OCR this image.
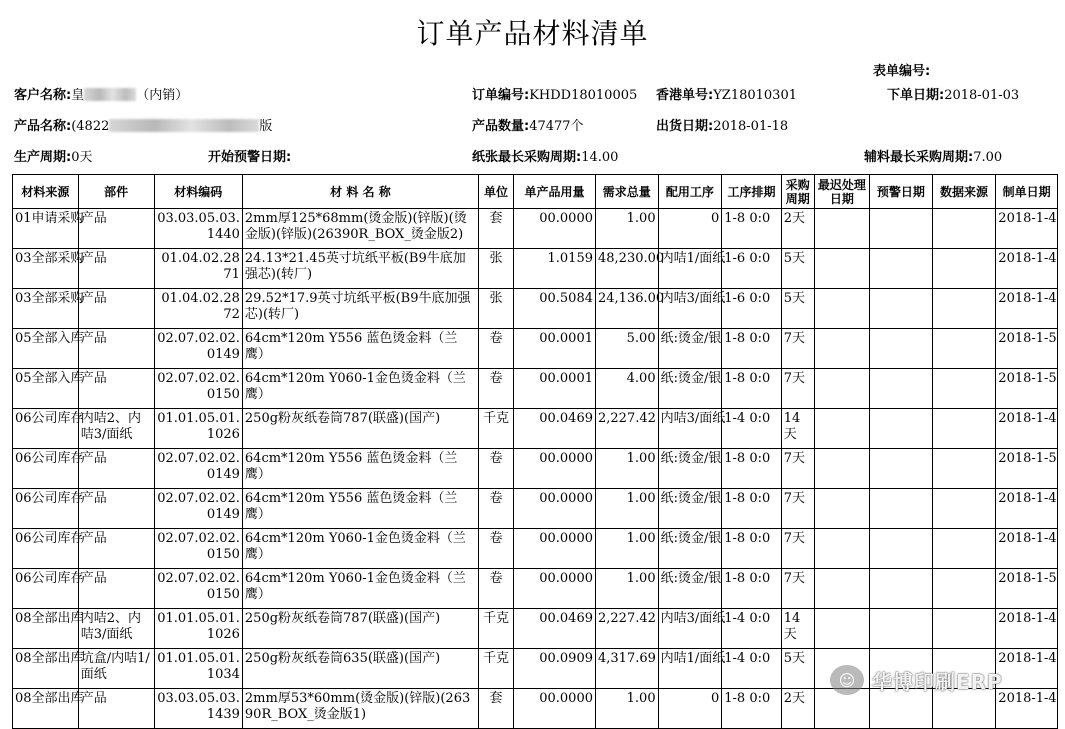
订单产品材料清单
表单编号:
客户名称:皇	（内销）	订单编号:KHDD18010005 香港单号:YZ18010301	下单日期:2018-01-03
产品名称:(4822	版	产品数量:47477个	出货日期:2018-01-18
生产周期:0天	开始预警日期:	纸张最长采购周期:14.00	辅料最长采购周期:7.00
材料来源	部件	材料编码	材 料 名 称	单位	单产品用量	需求总量	配用工序	工序排期	采购周期	最迟处理日期	预警日期	数据来源	制单日期

01申请采购	产品	03.03.05.03.1440	2mm厚125*68mm(烫金版)(锌版)(烫金版)(锌版)(26390R_BOX_烫金版2)	套	00.0000	1.00	0	1-8 0:0	2天				2018-1-4

03全部采购	产品	01.04.02.2871	24.13*21.45英寸坑纸平板(B9牛底加强芯)(转厂)	张	1.0159	48,230.00	内咭1/面纸	1-6 0:0	5天				2018-1-4

03全部采购	产品	01.04.02.2872	29.52*17.9英寸坑纸平板(B9牛底加强芯)(转厂)	张	00.5084	24,136.00	内咭3/面纸	1-6 0:0	5天				2018-1-4

05全部入库	产品	02.07.02.02.0149	64cm*120m Y556 蓝色烫金料（兰鹰）	卷	00.0001	5.00	纸:烫金/银	1-8 0:0	7天				2018-1-5

05全部入库	产品	02.07.02.02.0150	64cm*120m Y060-1金色烫金料（兰鹰）	卷	00.0001	4.00	纸:烫金/银	1-8 0:0	7天				2018-1-5

06公司库存	内咭2、内咭3/面纸	01.01.05.01.1026	250g粉灰纸卷筒787(联盛)(国产)	千克	00.0469	2,227.42	内咭3/面纸	1-4 0:0	14天				2018-1-4

06公司库存	产品	02.07.02.02.0149	64cm*120m Y556 蓝色烫金料（兰鹰）	卷	00.0000	1.00	纸:烫金/银	1-8 0:0	7天				2018-1-5

06公司库存	产品	02.07.02.02.0149	64cm*120m Y556 蓝色烫金料（兰鹰）	卷	00.0000	1.00	纸:烫金/银	1-8 0:0	7天				2018-1-4

06公司库存	产品	02.07.02.02.0150	64cm*120m Y060-1金色烫金料（兰鹰）	卷	00.0000	1.00	纸:烫金/银	1-8 0:0	7天				2018-1-4

06公司库存	产品	02.07.02.02.0150	64cm*120m Y060-1金色烫金料（兰鹰）	卷	00.0000	1.00	纸:烫金/银	1-8 0:0	7天				2018-1-5

08全部出库	内咭2、内咭3/面纸	01.01.05.01.1026	250g粉灰纸卷筒787(联盛)(国产)	千克	00.0469	2,227.42	内咭3/面纸	1-4 0:0	14天				2018-1-4

08全部出库	坑盒/内咭1/面纸	01.01.05.01.1034	250g粉灰纸卷筒635(联盛)(国产)	千克	00.0909	4,317.69	内咭1/面纸	1-4 0:0	5天				2018-1-4

08全部出库	产品	03.03.05.03.1439	2mm厚53*60mm(烫金版)(锌版)(26390R_BOX_烫金版1)	套	00.0000	1.00	0	1-8 0:0	2天				2018-1-4
☺ 华博印刷ERP
